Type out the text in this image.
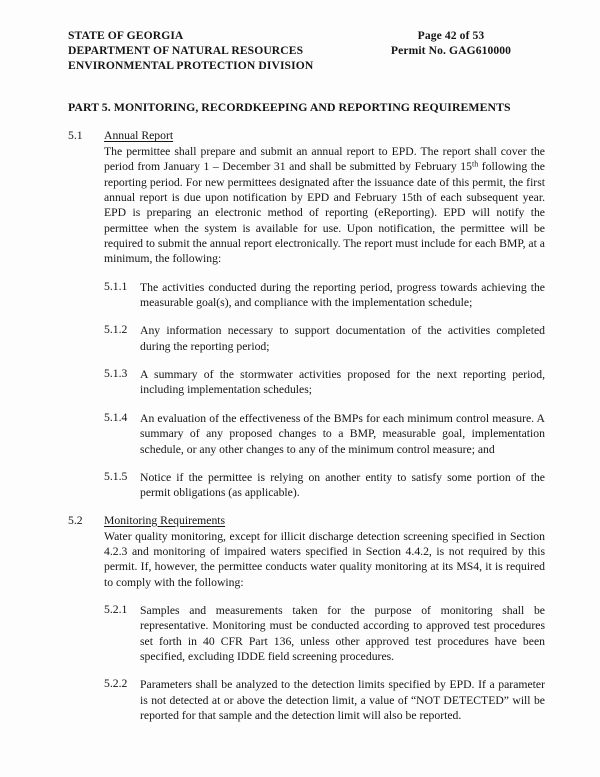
STATE OF GEORGIA
DEPARTMENT OF NATURAL RESOURCES
ENVIRONMENTAL PROTECTION DIVISION
Page 42 of 53
Permit No. GAG610000
PART 5. MONITORING, RECORDKEEPING AND REPORTING REQUIREMENTS
5.1 Annual Report
The permittee shall prepare and submit an annual report to EPD. The report shall cover the period from January 1 – December 31 and shall be submitted by February 15th following the reporting period. For new permittees designated after the issuance date of this permit, the first annual report is due upon notification by EPD and February 15th of each subsequent year. EPD is preparing an electronic method of reporting (eReporting). EPD will notify the permittee when the system is available for use. Upon notification, the permittee will be required to submit the annual report electronically. The report must include for each BMP, at a minimum, the following:
5.1.1 The activities conducted during the reporting period, progress towards achieving the measurable goal(s), and compliance with the implementation schedule;
5.1.2 Any information necessary to support documentation of the activities completed during the reporting period;
5.1.3 A summary of the stormwater activities proposed for the next reporting period, including implementation schedules;
5.1.4 An evaluation of the effectiveness of the BMPs for each minimum control measure. A summary of any proposed changes to a BMP, measurable goal, implementation schedule, or any other changes to any of the minimum control measure; and
5.1.5 Notice if the permittee is relying on another entity to satisfy some portion of the permit obligations (as applicable).
5.2 Monitoring Requirements
Water quality monitoring, except for illicit discharge detection screening specified in Section 4.2.3 and monitoring of impaired waters specified in Section 4.4.2, is not required by this permit. If, however, the permittee conducts water quality monitoring at its MS4, it is required to comply with the following:
5.2.1 Samples and measurements taken for the purpose of monitoring shall be representative. Monitoring must be conducted according to approved test procedures set forth in 40 CFR Part 136, unless other approved test procedures have been specified, excluding IDDE field screening procedures.
5.2.2 Parameters shall be analyzed to the detection limits specified by EPD. If a parameter is not detected at or above the detection limit, a value of “NOT DETECTED” will be reported for that sample and the detection limit will also be reported.
